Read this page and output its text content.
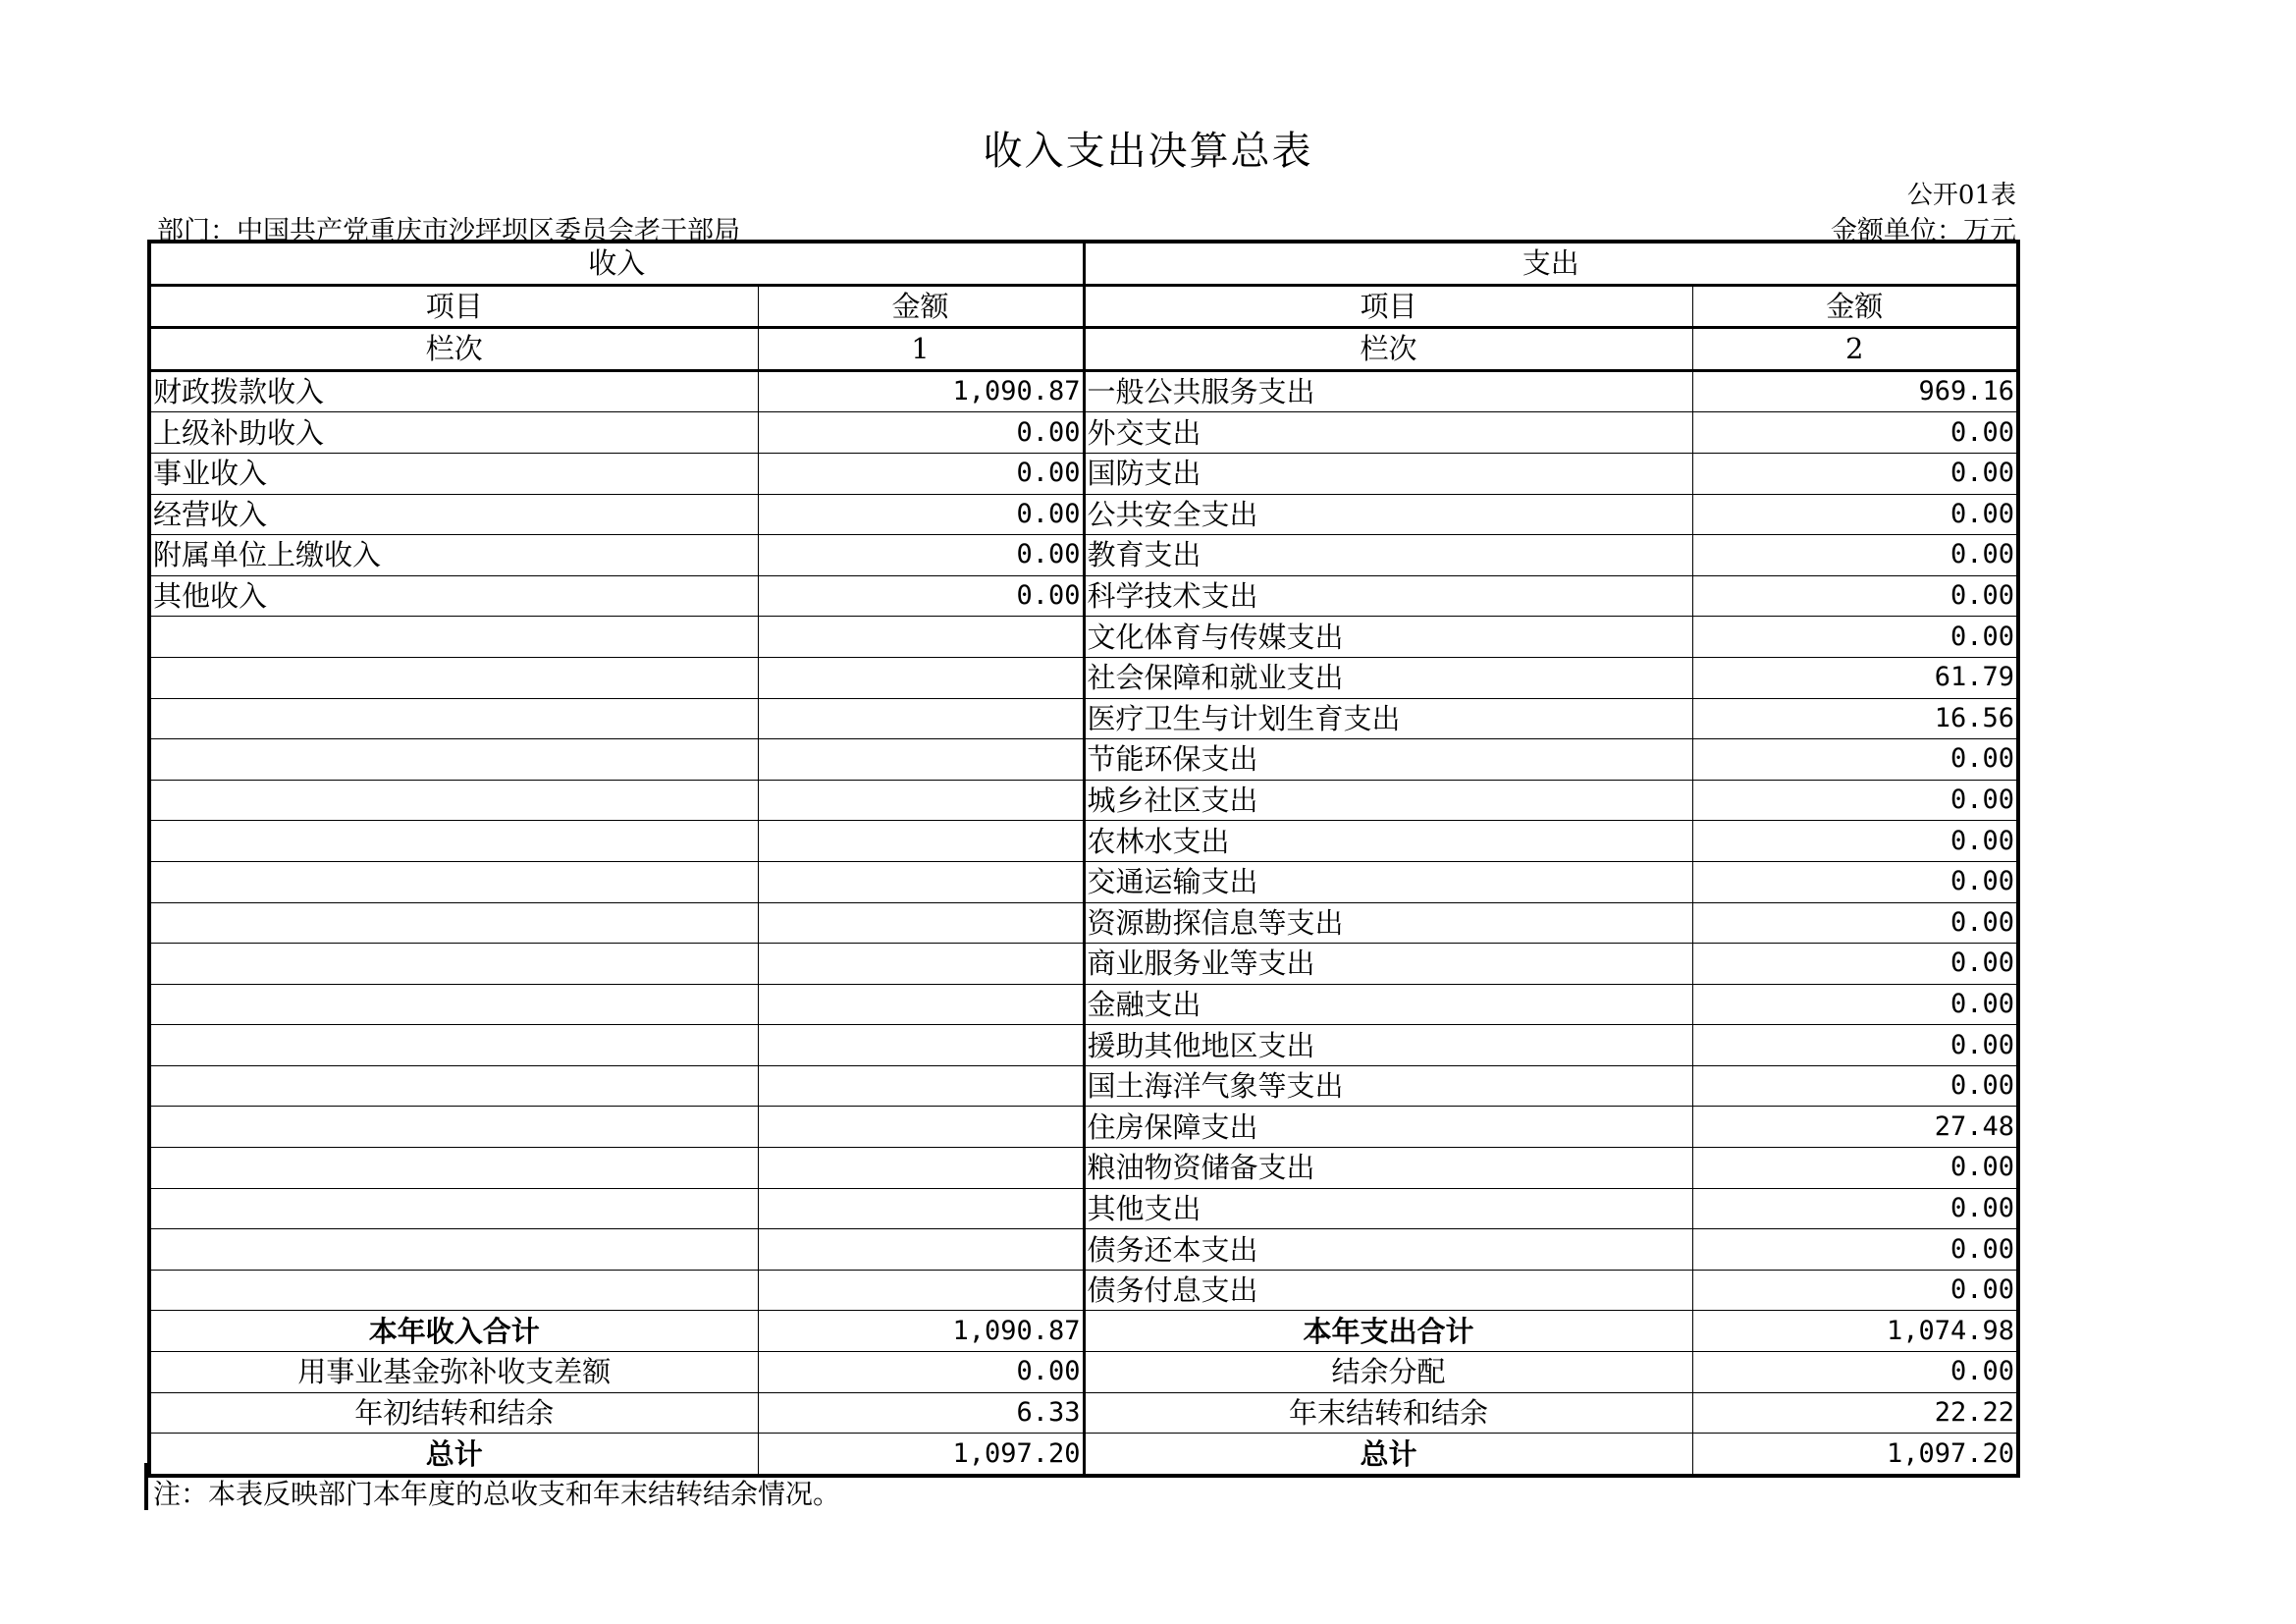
收入支出决算总表
公开01表
部门：中国共产党重庆市沙坪坝区委员会老干部局	金额单位：万元
收入		支出	
项目	金额	项目	金额
栏次	1	栏次	2
财政拨款收入	1,090.87	一般公共服务支出	969.16
上级补助收入	0.00	外交支出	0.00
事业收入	0.00	国防支出	0.00
经营收入	0.00	公共安全支出	0.00
附属单位上缴收入	0.00	教育支出	0.00
其他收入	0.00	科学技术支出	0.00
		文化体育与传媒支出	0.00
		社会保障和就业支出	61.79
		医疗卫生与计划生育支出	16.56
		节能环保支出	0.00
		城乡社区支出	0.00
		农林水支出	0.00
		交通运输支出	0.00
		资源勘探信息等支出	0.00
		商业服务业等支出	0.00
		金融支出	0.00
		援助其他地区支出	0.00
		国土海洋气象等支出	0.00
		住房保障支出	27.48
		粮油物资储备支出	0.00
		其他支出	0.00
		债务还本支出	0.00
		债务付息支出	0.00
本年收入合计	1,090.87	本年支出合计	1,074.98
用事业基金弥补收支差额	0.00	结余分配	0.00
年初结转和结余	6.33	年末结转和结余	22.22
总计	1,097.20	总计	1,097.20
注：本表反映部门本年度的总收支和年末结转结余情况。
